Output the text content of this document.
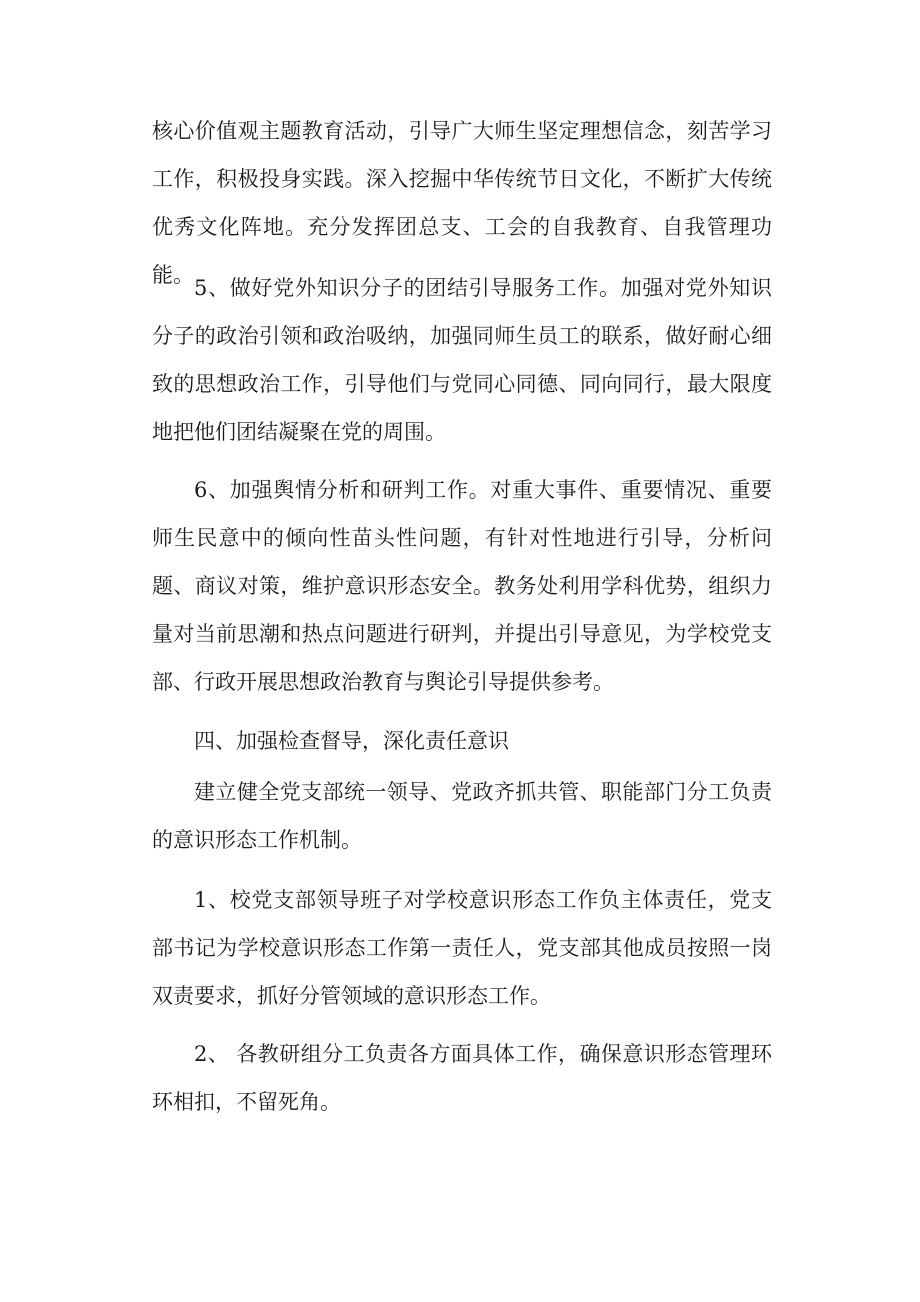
核心价值观主题教育活动，引导广大师生坚定理想信念，刻苦学习工作，积极投身实践。深入挖掘中华传统节日文化，不断扩大传统优秀文化阵地。充分发挥团总支、工会的自我教育、自我管理功能。

5、做好党外知识分子的团结引导服务工作。加强对党外知识分子的政治引领和政治吸纳，加强同师生员工的联系，做好耐心细致的思想政治工作，引导他们与党同心同德、同向同行，最大限度地把他们团结凝聚在党的周围。

6、加强舆情分析和研判工作。对重大事件、重要情况、重要师生民意中的倾向性苗头性问题，有针对性地进行引导，分析问题、商议对策，维护意识形态安全。教务处利用学科优势，组织力量对当前思潮和热点问题进行研判，并提出引导意见，为学校党支部、行政开展思想政治教育与舆论引导提供参考。

四、加强检查督导，深化责任意识

建立健全党支部统一领导、党政齐抓共管、职能部门分工负责的意识形态工作机制。

1、校党支部领导班子对学校意识形态工作负主体责任，党支部书记为学校意识形态工作第一责任人，党支部其他成员按照一岗双责要求，抓好分管领域的意识形态工作。

2、 各教研组分工负责各方面具体工作，确保意识形态管理环环相扣，不留死角。
